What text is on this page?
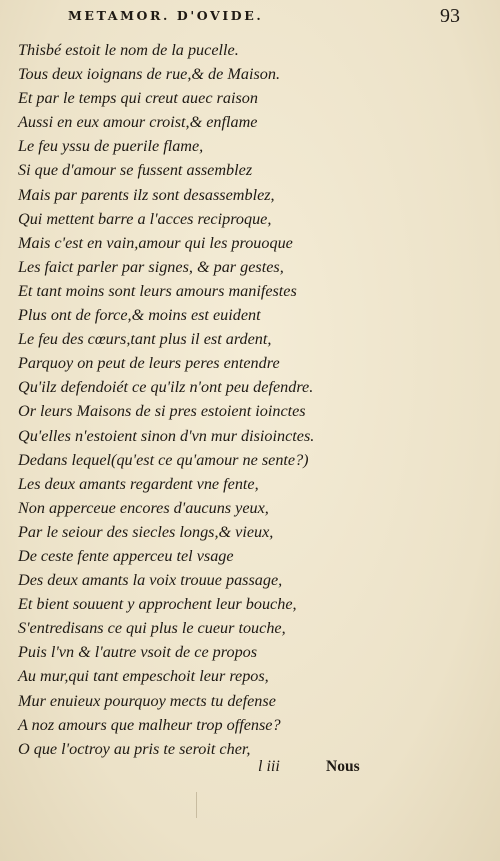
METAMOR. D'OVIDE.	93
Thisbé estoit le nom de la pucelle.
Tous deux ioignans de rue,& de Maison.
Et par le temps qui creut auec raison
Aussi en eux amour croist,& enflame
Le feu yssu de puerile flame,
Si que d'amour se fussent assemblez
Mais par parents ilz sont desassemblez,
Qui mettent barre a l'acces reciproque,
Mais c'est en vain,amour qui les prouoque
Les faict parler par signes, & par gestes,
Et tant moins sont leurs amours manifestes
Plus ont de force,& moins est euident
Le feu des cœurs,tant plus il est ardent,
Parquoy on peut de leurs peres entendre
Qu'ilz defendoiét ce qu'ilz n'ont peu defendre.
Or leurs Maisons de si pres estoient ioinctes
Qu'elles n'estoient sinon d'vn mur disioinctes.
Dedans lequel(qu'est ce qu'amour ne sente?)
Les deux amants regardent vne fente,
Non apperceue encores d'aucuns yeux,
Par le seiour des siecles longs,& vieux,
De ceste fente apperceu tel vsage
Des deux amants la voix trouue passage,
Et bient souuent y approchent leur bouche,
S'entredisans ce qui plus le cueur touche,
Puis l'vn & l'autre vsoit de ce propos
Au mur,qui tant empeschoit leur repos,
Mur enuieux pourquoy mects tu defense
A noz amours que malheur trop offense?
O que l'octroy au pris te seroit cher,
l iii	Nous
